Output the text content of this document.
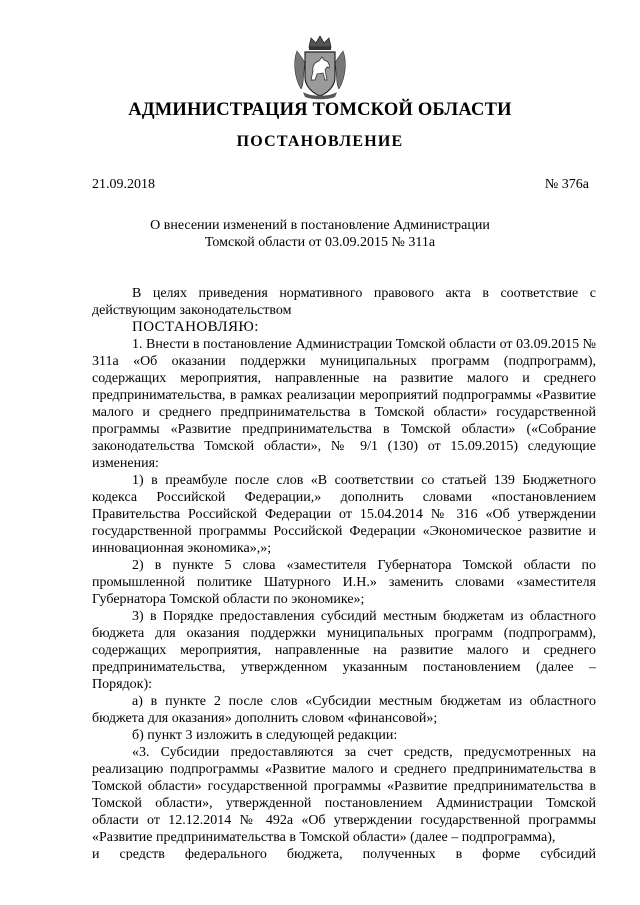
АДМИНИСТРАЦИЯ ТОМСКОЙ ОБЛАСТИ
ПОСТАНОВЛЕНИЕ
21.09.2018	№ 376а
О внесении изменений в постановление Администрации
Томской области от 03.09.2015 № 311а

В целях приведения нормативного правового акта в соответствие с действующим законодательством

ПОСТАНОВЛЯЮ:

1. Внести в постановление Администрации Томской области от 03.09.2015 № 311а «Об оказании поддержки муниципальных программ (подпрограмм), содержащих мероприятия, направленные на развитие малого и среднего предпринимательства, в рамках реализации мероприятий подпрограммы «Развитие малого и среднего предпринимательства в Томской области» государственной программы «Развитие предпринимательства в Томской области» («Собрание законодательства Томской области», № 9/1 (130) от 15.09.2015) следующие изменения:

1) в преамбуле после слов «В соответствии со статьей 139 Бюджетного кодекса Российской Федерации,» дополнить словами «постановлением Правительства Российской Федерации от 15.04.2014 № 316 «Об утверждении государственной программы Российской Федерации «Экономическое развитие и инновационная экономика»,»;

2) в пункте 5 слова «заместителя Губернатора Томской области по промышленной политике Шатурного И.Н.» заменить словами «заместителя Губернатора Томской области по экономике»;

3) в Порядке предоставления субсидий местным бюджетам из областного бюджета для оказания поддержки муниципальных программ (подпрограмм), содержащих мероприятия, направленные на развитие малого и среднего предпринимательства, утвержденном указанным постановлением (далее – Порядок):

а) в пункте 2 после слов «Субсидии местным бюджетам из областного бюджета для оказания» дополнить словом «финансовой»;

б) пункт 3 изложить в следующей редакции:

«3. Субсидии предоставляются за счет средств, предусмотренных на реализацию подпрограммы «Развитие малого и среднего предпринимательства в Томской области» государственной программы «Развитие предпринимательства в Томской области», утвержденной постановлением Администрации Томской области от 12.12.2014 № 492а «Об утверждении государственной программы «Развитие предпринимательства в Томской области» (далее – подпрограмма),

и средств федерального бюджета, полученных в форме субсидий
